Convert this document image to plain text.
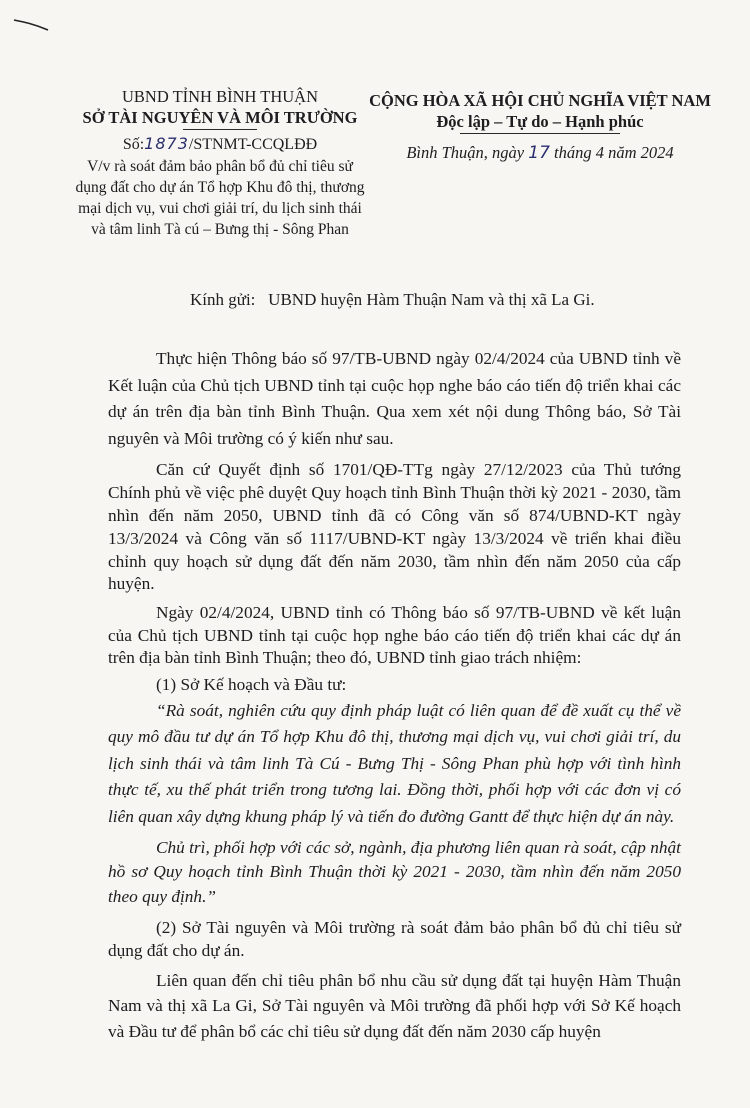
UBND TỈNH BÌNH THUẬN
SỞ TÀI NGUYÊN VÀ MÔI TRƯỜNG
Số:1873/STNMT-CCQLĐĐ
V/v rà soát đảm bảo phân bổ đủ chỉ tiêu sử dụng đất cho dự án Tổ hợp Khu đô thị, thương mại dịch vụ, vui chơi giải trí, du lịch sinh thái và tâm linh Tà cú – Bưng thị - Sông Phan
CỘNG HÒA XÃ HỘI CHỦ NGHĨA VIỆT NAM
Độc lập – Tự do – Hạnh phúc
Bình Thuận, ngày 17 tháng 4 năm 2024
Kính gửi: UBND huyện Hàm Thuận Nam và thị xã La Gi.

Thực hiện Thông báo số 97/TB-UBND ngày 02/4/2024 của UBND tỉnh về Kết luận của Chủ tịch UBND tỉnh tại cuộc họp nghe báo cáo tiến độ triển khai các dự án trên địa bàn tỉnh Bình Thuận. Qua xem xét nội dung Thông báo, Sở Tài nguyên và Môi trường có ý kiến như sau.

Căn cứ Quyết định số 1701/QĐ-TTg ngày 27/12/2023 của Thủ tướng Chính phủ về việc phê duyệt Quy hoạch tỉnh Bình Thuận thời kỳ 2021 - 2030, tầm nhìn đến năm 2050, UBND tỉnh đã có Công văn số 874/UBND-KT ngày 13/3/2024 và Công văn số 1117/UBND-KT ngày 13/3/2024 về triển khai điều chỉnh quy hoạch sử dụng đất đến năm 2030, tầm nhìn đến năm 2050 của cấp huyện.

Ngày 02/4/2024, UBND tỉnh có Thông báo số 97/TB-UBND về kết luận của Chủ tịch UBND tỉnh tại cuộc họp nghe báo cáo tiến độ triển khai các dự án trên địa bàn tỉnh Bình Thuận; theo đó, UBND tỉnh giao trách nhiệm:

(1) Sở Kế hoạch và Đầu tư:

“Rà soát, nghiên cứu quy định pháp luật có liên quan để đề xuất cụ thể về quy mô đầu tư dự án Tổ hợp Khu đô thị, thương mại dịch vụ, vui chơi giải trí, du lịch sinh thái và tâm linh Tà Cú - Bưng Thị - Sông Phan phù hợp với tình hình thực tế, xu thế phát triển trong tương lai. Đồng thời, phối hợp với các đơn vị có liên quan xây dựng khung pháp lý và tiến đo đường Gantt để thực hiện dự án này.

Chủ trì, phối hợp với các sở, ngành, địa phương liên quan rà soát, cập nhật hồ sơ Quy hoạch tỉnh Bình Thuận thời kỳ 2021 - 2030, tầm nhìn đến năm 2050 theo quy định.”

(2) Sở Tài nguyên và Môi trường rà soát đảm bảo phân bổ đủ chỉ tiêu sử dụng đất cho dự án.

Liên quan đến chỉ tiêu phân bổ nhu cầu sử dụng đất tại huyện Hàm Thuận Nam và thị xã La Gi, Sở Tài nguyên và Môi trường đã phối hợp với Sở Kế hoạch và Đầu tư để phân bổ các chỉ tiêu sử dụng đất đến năm 2030 cấp huyện
